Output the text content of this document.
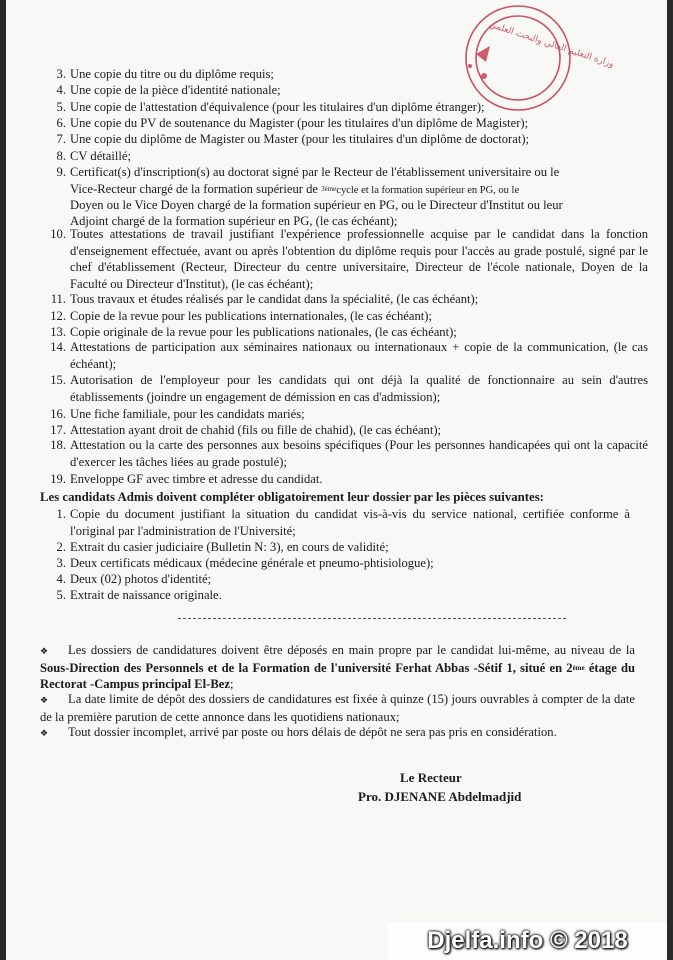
وزارة التعليم العالي والبحث العلمي
3. Une copie du titre ou du diplôme requis;
4. Une copie de la pièce d'identité nationale;
5. Une copie de l'attestation d'équivalence (pour les titulaires d'un diplôme étranger);
6. Une copie du PV de soutenance du Magister (pour les titulaires d'un diplôme de Magister);
7. Une copie du diplôme de Magister ou Master (pour les titulaires d'un diplôme de doctorat);
8. CV détaillé;
9. Certificat(s) d'inscription(s) au doctorat signé par le Recteur de l'établissement universitaire ou le
Vice-Recteur chargé de la formation supérieur de $^{3ème}$cycle et la formation supérieur en PG, ou le
Doyen ou le Vice Doyen chargé de la formation supérieur en PG, ou le Directeur d'Institut ou leur
Adjoint chargé de la formation supérieur en PG, (le cas échéant);
10. Toutes attestations de travail justifiant l'expérience professionnelle acquise par le candidat dans la fonction d'enseignement effectuée, avant ou après l'obtention du diplôme requis pour l'accès au grade postulé, signé par le chef d'établissement (Recteur, Directeur du centre universitaire, Directeur de l'école nationale, Doyen de la Faculté ou Directeur d'Institut), (le cas échéant);
11. Tous travaux et études réalisés par le candidat dans la spécialité, (le cas échéant);
12. Copie de la revue pour les publications internationales, (le cas échéant);
13. Copie originale de la revue pour les publications nationales, (le cas échéant);
14. Attestations de participation aux séminaires nationaux ou internationaux + copie de la communication, (le cas échéant);
15. Autorisation de l'employeur pour les candidats qui ont déjà la qualité de fonctionnaire au sein d'autres établissements (joindre un engagement de démission en cas d'admission);
16. Une fiche familiale, pour les candidats mariés;
17. Attestation ayant droit de chahid (fils ou fille de chahid), (le cas échéant);
18. Attestation ou la carte des personnes aux besoins spécifiques (Pour les personnes handicapées qui ont la capacité d'exercer les tâches liées au grade postulé);
19. Enveloppe GF avec timbre et adresse du candidat.
Les candidats Admis doivent compléter obligatoirement leur dossier par les pièces suivantes:
1. Copie du document justifiant la situation du candidat vis-à-vis du service national, certifiée conforme à l'original par l'administration de l'Université;
2. Extrait du casier judiciaire (Bulletin N: 3), en cours de validité;
3. Deux certificats médicaux (médecine générale et pneumo-phtisiologue);
4. Deux (02) photos d'identité;
5. Extrait de naissance originale.
❖ Les dossiers de candidatures doivent être déposés en main propre par le candidat lui-même, au niveau de la Sous-Direction des Personnels et de la Formation de l'université Ferhat Abbas -Sétif 1, situé en 2ème étage du Rectorat -Campus principal El-Bez;
❖ La date limite de dépôt des dossiers de candidatures est fixée à quinze (15) jours ouvrables à compter de la date de la première parution de cette annonce dans les quotidiens nationaux;
❖ Tout dossier incomplet, arrivé par poste ou hors délais de dépôt ne sera pas pris en considération.
Le Recteur
Pro. DJENANE Abdelmadjid
Djelfa.info © 2018
